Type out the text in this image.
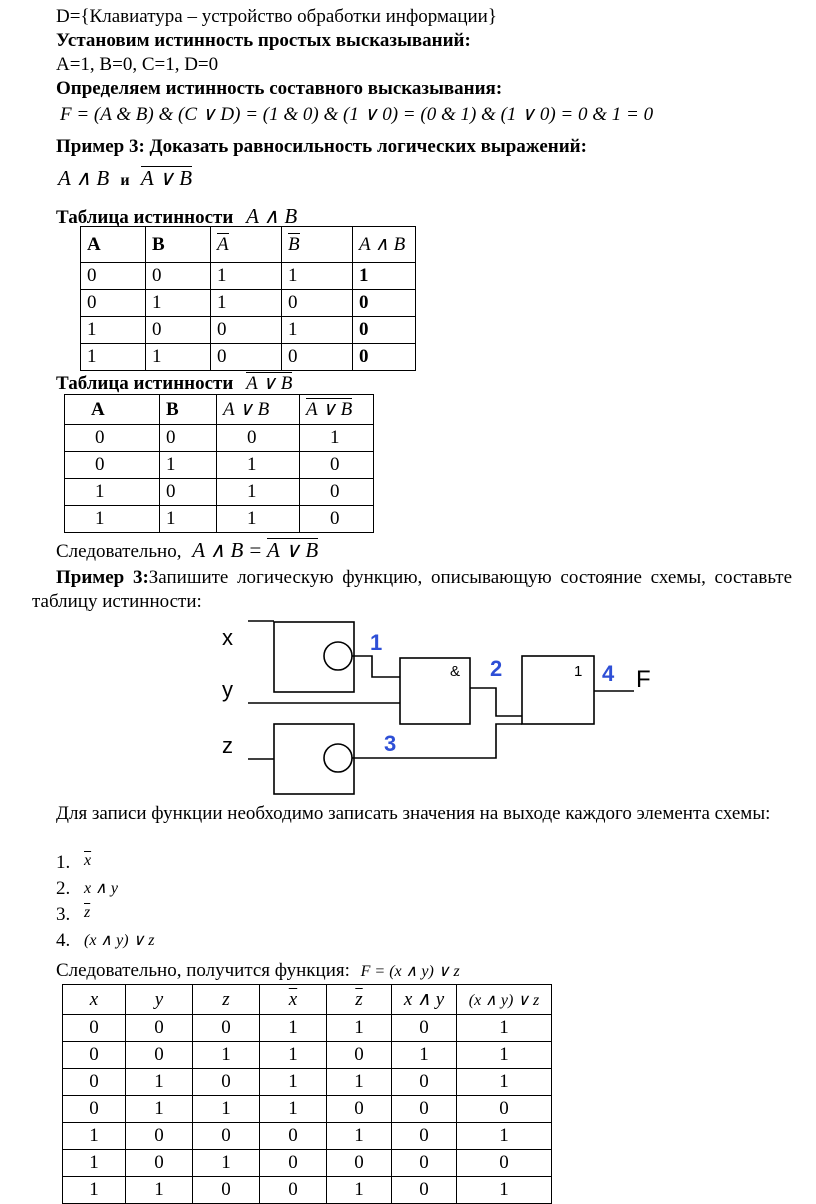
D={Клавиатура – устройство обработки информации}
Установим истинность простых высказываний:
A=1, B=0, C=1, D=0
Определяем истинность составного высказывания:
F = (A & B) & (C ∨ D) = (1 & 0) & (1 ∨ 0) = (0 & 1) & (1 ∨ 0) = 0 & 1 = 0
Пример 3: Доказать равносильность логических выражений:
A ∧ B и A ∨ B
Таблица истинности A ∧ B
A	B	A	B	A ∧ B
0	0	1	1	1
0	1	1	0	0
1	0	0	1	0
1	1	0	0	0
Таблица истинности A ∨ B
A	B	A ∨ B	A ∨ B
0	0	0	1
0	1	1	0
1	0	1	0
1	1	1	0
Следовательно, A ∧ B = A ∨ B
Пример 3:Запишите логическую функцию, описывающую состояние схемы, составьте таблицу истинности:
x
y
z
F
&	1
1
2
3
4
Для записи функции необходимо записать значения на выходе каждого элемента схемы:
1. $\overline{x}$
2. x ∧ y
3. $\overline{z}$
4. (x ∧ y) ∨ z
Следовательно, получится функция: F = (x ∧ y) ∨ z
x	y	z	$\overline{x}$	$\overline{z}$	x ∧ y	(x ∧ y) ∨ z
0	0	0	1	1	0	1
0	0	1	1	0	1	1
0	1	0	1	1	0	1
0	1	1	1	0	0	0
1	0	0	0	1	0	1
1	0	1	0	0	0	0
1	1	0	0	1	0	1
